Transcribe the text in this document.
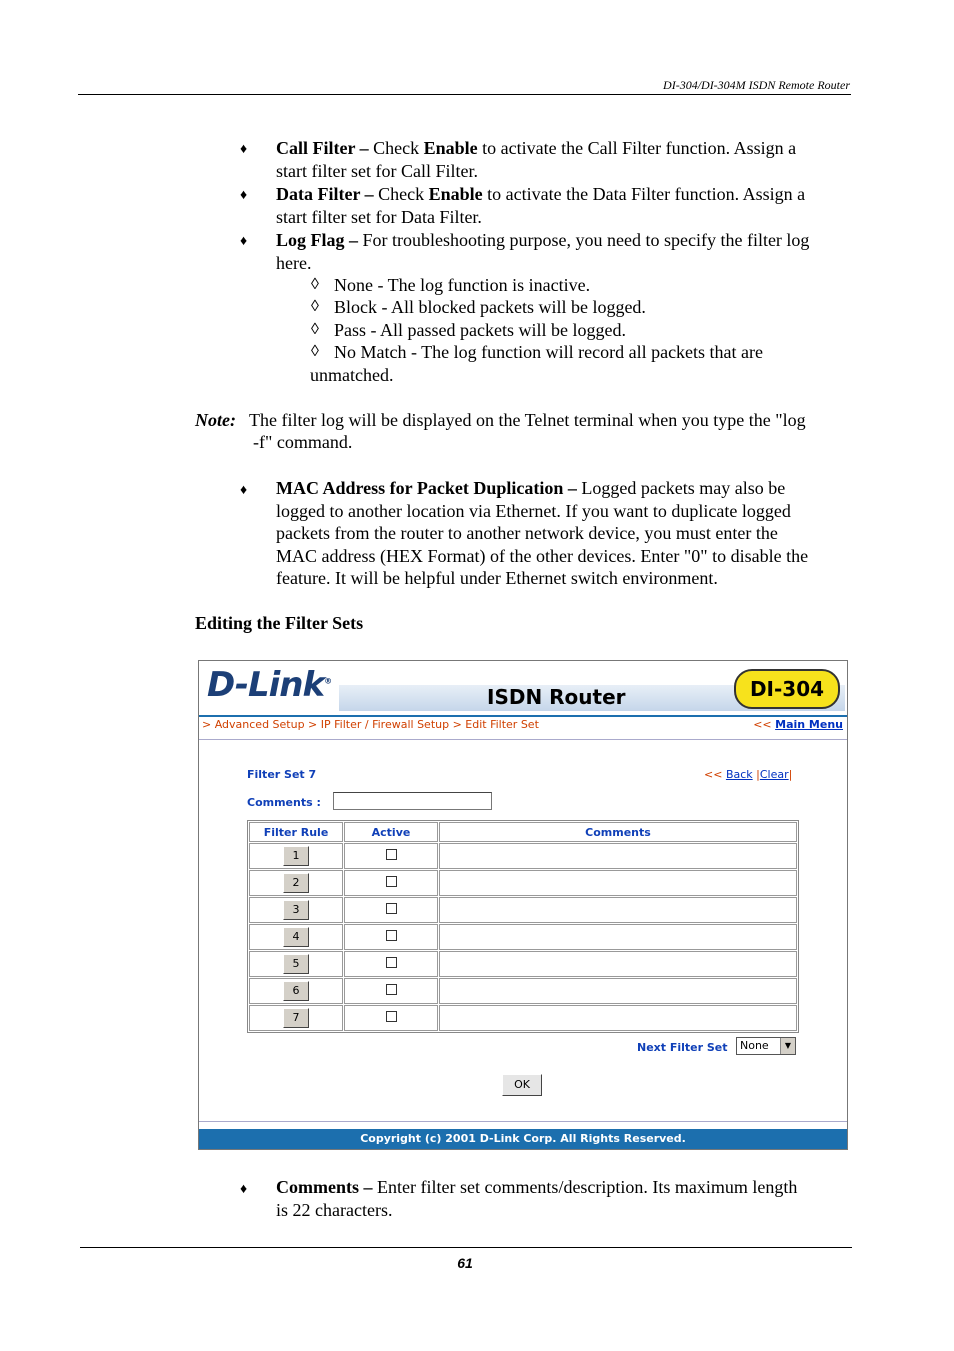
DI-304/DI-304M ISDN Remote Router
♦ Call Filter – Check Enable to activate the Call Filter function. Assign a
start filter set for Call Filter.
♦ Data Filter – Check Enable to activate the Data Filter function. Assign a
start filter set for Data Filter.
♦ Log Flag – For troubleshooting purpose, you need to specify the filter log
here.
◊ None - The log function is inactive.
◊ Block - All blocked packets will be logged.
◊ Pass - All passed packets will be logged.
◊ No Match - The log function will record all packets that are
unmatched.
Note: The filter log will be displayed on the Telnet terminal when you type the "log
-f" command.
♦ MAC Address for Packet Duplication – Logged packets may also be
logged to another location via Ethernet. If you want to duplicate logged
packets from the router to another network device, you must enter the
MAC address (HEX Format) of the other devices. Enter "0" to disable the
feature. It will be helpful under Ethernet switch environment.
Editing the Filter Sets
D-Link®
ISDN Router	DI-304
> Advanced Setup > IP Filter / Firewall Setup > Edit Filter Set	<< Main Menu
Filter Set 7	<< Back |Clear|
Comments :
Filter Rule	Active	Comments
1		
2		
3		
4		
5		
6		
7		
Next Filter Set None	▼
OK
Copyright (c) 2001 D-Link Corp. All Rights Reserved.
♦ Comments – Enter filter set comments/description. Its maximum length
is 22 characters.
61
